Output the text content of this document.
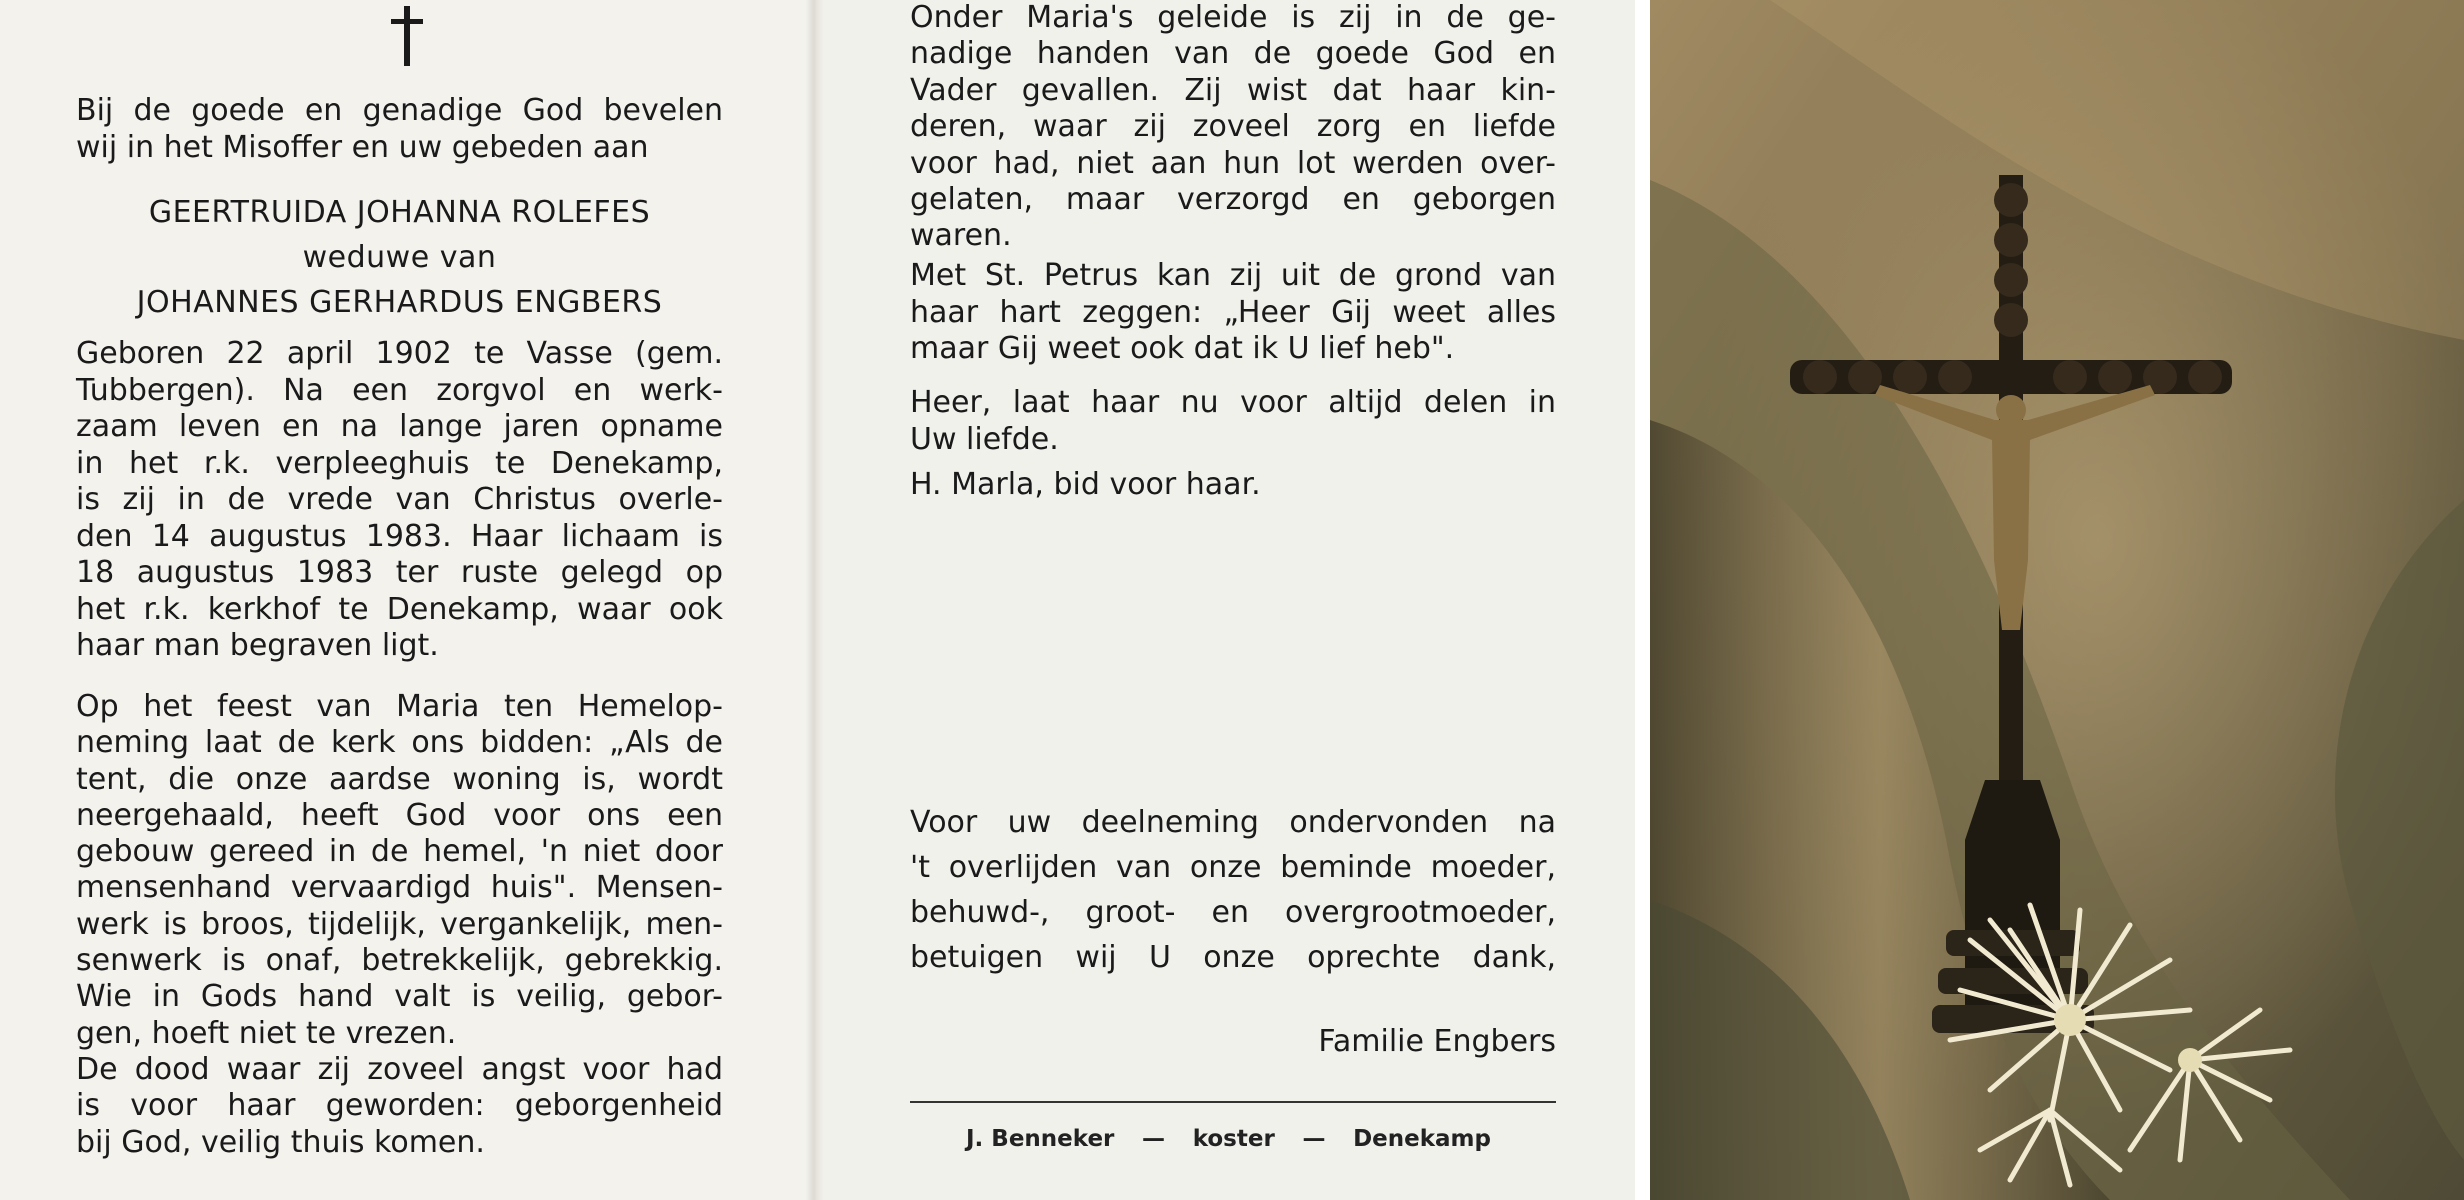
Bij de goede en genadige God bevelen

wij in het Misoffer en uw gebeden aan

GEERTRUIDA JOHANNA ROLEFES
weduwe van
JOHANNES GERHARDUS ENGBERS

Geboren 22 april 1902 te Vasse (gem.

Tubbergen). Na een zorgvol en werk-

zaam leven en na lange jaren opname

in het r.k. verpleeghuis te Denekamp,

is zij in de vrede van Christus overle-

den 14 augustus 1983. Haar lichaam is

18 augustus 1983 ter ruste gelegd op

het r.k. kerkhof te Denekamp, waar ook

haar man begraven ligt.

Op het feest van Maria ten Hemelop-

neming laat de kerk ons bidden: „Als de

tent, die onze aardse woning is, wordt

neergehaald, heeft God voor ons een

gebouw gereed in de hemel, 'n niet door

mensenhand vervaardigd huis". Mensen-

werk is broos, tijdelijk, vergankelijk, men-

senwerk is onaf, betrekkelijk, gebrekkig.

Wie in Gods hand valt is veilig, gebor-

gen, hoeft niet te vrezen.

De dood waar zij zoveel angst voor had

is voor haar geworden: geborgenheid

bij God, veilig thuis komen.

Onder Maria's geleide is zij in de ge-

nadige handen van de goede God en

Vader gevallen. Zij wist dat haar kin-

deren, waar zij zoveel zorg en liefde

voor had, niet aan hun lot werden over-

gelaten, maar verzorgd en geborgen

waren.

Met St. Petrus kan zij uit de grond van

haar hart zeggen: „Heer Gij weet alles

maar Gij weet ook dat ik U lief heb".

Heer, laat haar nu voor altijd delen in

Uw liefde.

H. Marla, bid voor haar.

Voor uw deelneming ondervonden na

't overlijden van onze beminde moeder,

behuwd-, groot- en overgrootmoeder,

betuigen wij U onze oprechte dank,

Familie Engbers
J. Benneker — koster — Denekamp
